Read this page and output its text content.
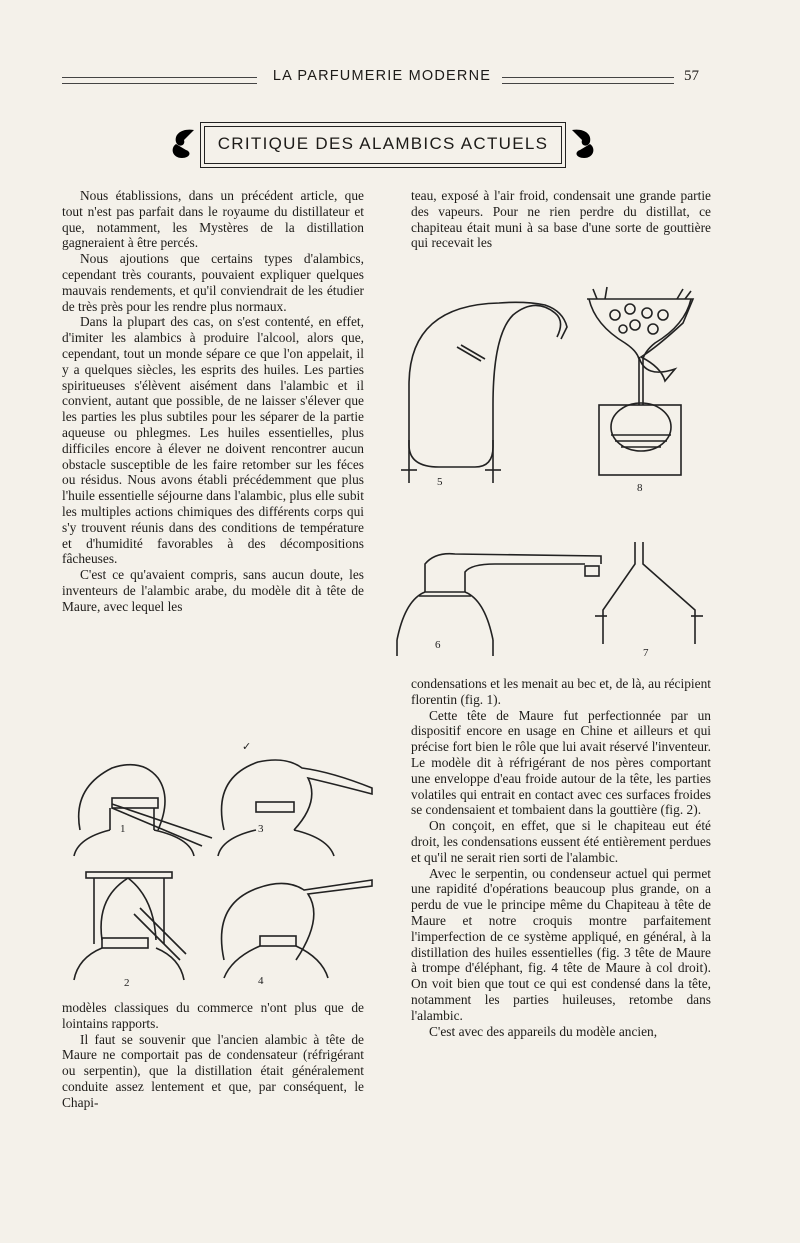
LA PARFUMERIE MODERNE	57
CRITIQUE DES ALAMBICS ACTUELS

Nous établissions, dans un précédent article, que tout n'est pas parfait dans le royaume du distillateur et que, notamment, les Mystères de la distillation gagneraient à être percés.

Nous ajoutions que certains types d'alambics, cependant très courants, pouvaient expliquer quelques mauvais rendements, et qu'il conviendrait de les étudier de très près pour les rendre plus normaux.

Dans la plupart des cas, on s'est contenté, en effet, d'imiter les alambics à produire l'alcool, alors que, cependant, tout un monde sépare ce que l'on appelait, il y a quelques siècles, les esprits des huiles. Les parties spiritueuses s'élèvent aisément dans l'alambic et il convient, autant que possible, de ne laisser s'élever que les parties les plus subtiles pour les séparer de la partie aqueuse ou phlegmes. Les huiles essentielles, plus difficiles encore à élever ne doivent rencontrer aucun obstacle susceptible de les faire retomber sur les féces ou résidus. Nous avons établi précédemment que plus l'huile essentielle séjourne dans l'alambic, plus elle subit les multiples actions chimiques des différents corps qui s'y trouvent réunis dans des conditions de température et d'humidité favorables à des décompositions fâcheuses.

C'est ce qu'avaient compris, sans aucun doute, les inventeurs de l'alambic arabe, du modèle dit à tête de Maure, avec lequel les

teau, exposé à l'air froid, condensait une grande partie des vapeurs. Pour ne rien perdre du distillat, ce chapiteau était muni à sa base d'une sorte de gouttière qui recevait les

5	8
6
7
1	3
✓
2	4

condensations et les menait au bec et, de là, au récipient florentin (fig. 1).

Cette tête de Maure fut perfectionnée par un dispositif encore en usage en Chine et ailleurs et qui précise fort bien le rôle que lui avait réservé l'inventeur. Le modèle dit à réfrigérant de nos pères comportant une enveloppe d'eau froide autour de la tête, les parties volatiles qui entrait en contact avec ces surfaces froides se condensaient et tombaient dans la gouttière (fig. 2).

On conçoit, en effet, que si le chapiteau eut été droit, les condensations eussent été entièrement perdues et qu'il ne serait rien sorti de l'alambic.

Avec le serpentin, ou condenseur actuel qui permet une rapidité d'opérations beaucoup plus grande, on a perdu de vue le principe même du Chapiteau à tête de Maure et notre croquis montre parfaitement l'imperfection de ce système appliqué, en général, à la distillation des huiles essentielles (fig. 3 tête de Maure à trompe d'éléphant, fig. 4 tête de Maure à col droit). On voit bien que tout ce qui est condensé dans la tête, notamment les parties huileuses, retombe dans l'alambic.

C'est avec des appareils du modèle ancien,

modèles classiques du commerce n'ont plus que de lointains rapports.

Il faut se souvenir que l'ancien alambic à tête de Maure ne comportait pas de condensateur (réfrigérant ou serpentin), que la distillation était généralement conduite assez lentement et que, par conséquent, le Chapi-
